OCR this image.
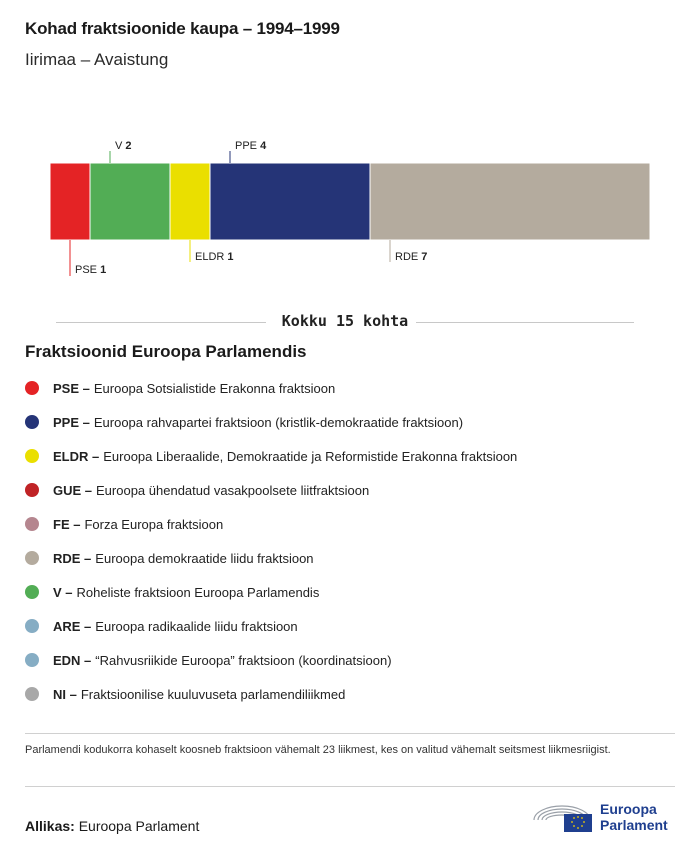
Kohad fraktsioonide kaupa – 1994–1999
Iirimaa – Avaistung
PSE 1
V 2
ELDR 1
PPE 4
RDE 7
Kokku 15 kohta
Fraktsioonid Euroopa Parlamendis
PSE – Euroopa Sotsialistide Erakonna fraktsioon
PPE – Euroopa rahvapartei fraktsioon (kristlik-demokraatide fraktsioon)
ELDR – Euroopa Liberaalide, Demokraatide ja Reformistide Erakonna fraktsioon
GUE – Euroopa ühendatud vasakpoolsete liitfraktsioon
FE – Forza Europa fraktsioon
RDE – Euroopa demokraatide liidu fraktsioon
V – Roheliste fraktsioon Euroopa Parlamendis
ARE – Euroopa radikaalide liidu fraktsioon
EDN – “Rahvusriikide Euroopa” fraktsioon (koordinatsioon)
NI – Fraktsioonilise kuuluvuseta parlamendiliikmed
Parlamendi kodukorra kohaselt koosneb fraktsioon vähemalt 23 liikmest, kes on valitud vähemalt seitsmest liikmesriigist.
Allikas: Euroopa Parlament
Euroopa
Parlament
